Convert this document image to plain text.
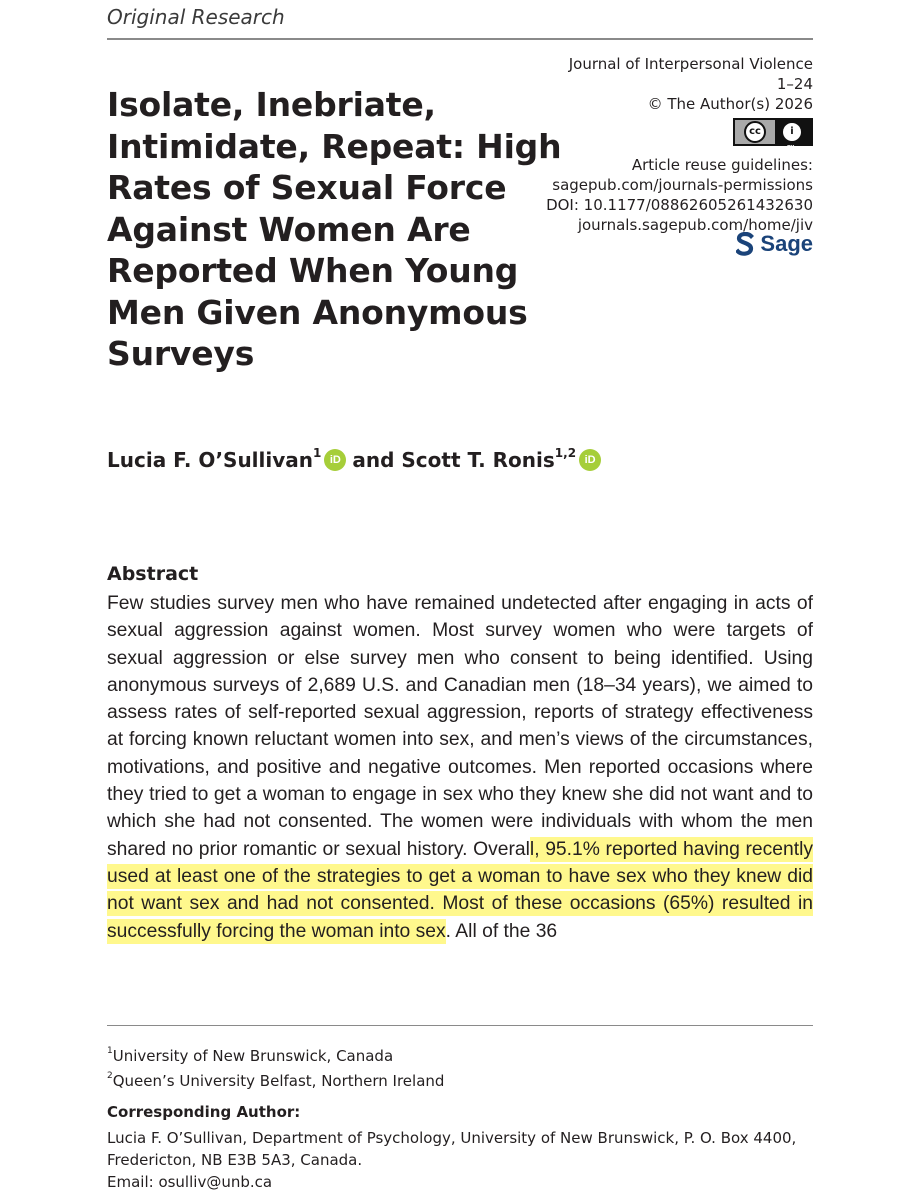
Original Research
Isolate, Inebriate, Intimidate, Repeat: High Rates of Sexual Force Against Women Are Reported When Young Men Given Anonymous Surveys
Journal of Interpersonal Violence
1–24
© The Author(s) 2026
cc	i
BY
Article reuse guidelines:
sagepub.com/journals-permissions
DOI: 10.1177/08862605261432630
journals.sagepub.com/home/jiv
Sage
Lucia F. O’Sullivan$^1$ iD and
Scott T. Ronis$^{1,2}$ iD
Abstract
Few studies survey men who have remained undetected after engaging in acts of sexual aggression against women. Most survey women who were targets of sexual aggression or else survey men who consent to being identified. Using anonymous surveys of 2,689 U.S. and Canadian men (18–34 years), we aimed to assess rates of self-reported sexual aggression, reports of strategy effectiveness at forcing known reluctant women into sex, and men’s views of the circumstances, motivations, and positive and negative outcomes. Men reported occasions where they tried to get a woman to engage in sex who they knew she did not want and to which she had not consented. The women were individuals with whom the men shared no prior romantic or sexual history. Overall, 95.1% reported having recently used at least one of the strategies to get a woman to have sex who they knew did not want sex and had not consented. Most of these occasions (65%) resulted in successfully forcing the woman into sex. All of the 36
$^1$University of New Brunswick, Canada
$^2$Queen’s University Belfast, Northern Ireland
Corresponding Author:
Lucia F. O’Sullivan, Department of Psychology, University of New Brunswick, P. O. Box 4400,
Fredericton, NB E3B 5A3, Canada.
Email: osulliv@unb.ca
